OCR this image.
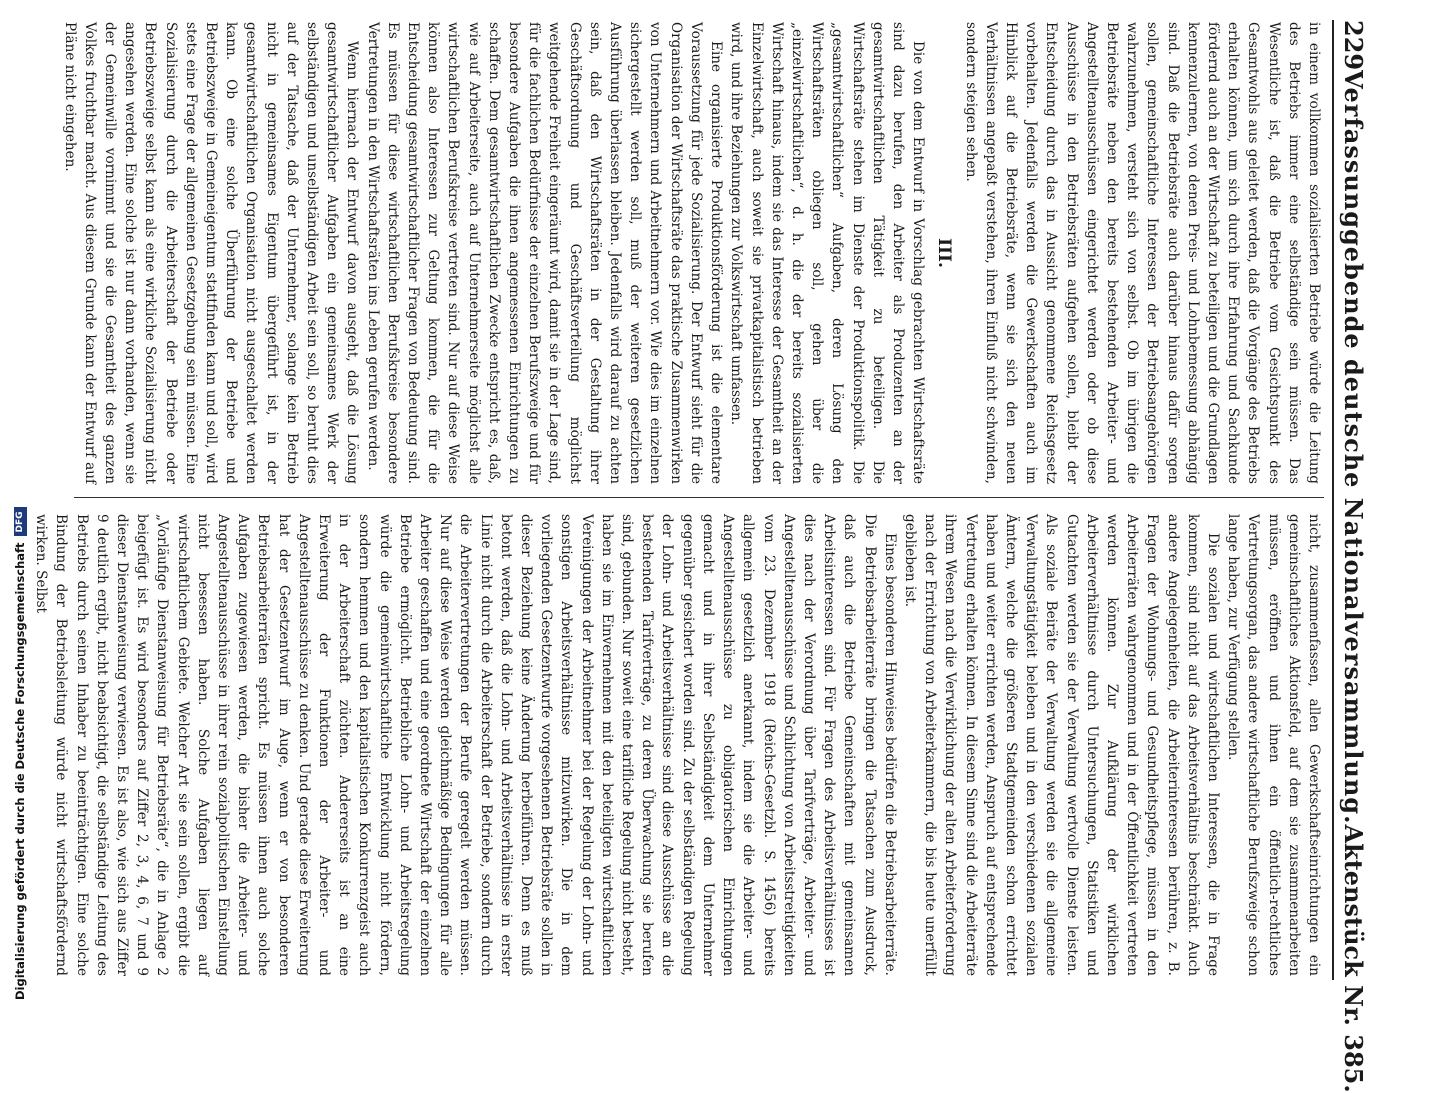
229
Verfassunggebende deutsche Nationalversammlung.
Aktenstück Nr. 385.

in einem vollkommen sozialisierten Betriebe würde die Leitung des Betriebs immer eine selbständige sein müssen. Das Wesentliche ist, daß die Betriebe vom Gesichtspunkt des Gesamtwohls aus geleitet werden, daß die Vorgänge des Betriebs erhalten können, um sich durch ihre Erfahrung und Sachkunde fördernd auch an der Wirtschaft zu beteiligen und die Grundlagen kennenzulernen, von denen Preis- und Lohnbemessung abhängig sind. Daß die Betriebsräte auch darüber hinaus dafür sorgen sollen, gemeinschaftliche Interessen der Betriebsangehörigen wahrzunehmen, versteht sich von selbst. Ob im übrigen die Betriebsräte neben den bereits bestehenden Arbeiter- und Angestelltenausschüssen eingerichtet werden oder ob diese Ausschüsse in den Betriebsräten aufgehen sollen, bleibt der Entscheidung durch das in Aussicht genommene Reichsgesetz vorbehalten. Jedenfalls werden die Gewerkschaften auch im Hinblick auf die Betriebsräte, wenn sie sich den neuen Verhältnissen angepaßt verstehen, ihren Einfluß nicht schwinden, sondern steigen sehen.

III.

Die von dem Entwurf in Vorschlag gebrachten Wirtschaftsräte sind dazu berufen, den Arbeiter als Produzenten an der gesamtwirtschaftlichen Tätigkeit zu beteiligen. Die Wirtschaftsräte stehen im Dienste der Produktionspolitik. Die „gesamtwirtschaftlichen“ Aufgaben, deren Lösung den Wirtschaftsräten obliegen soll, gehen über die „einzelwirtschaftlichen“, d. h. die der bereits sozialisierten Wirtschaft hinaus, indem sie das Interesse der Gesamtheit an der Einzelwirtschaft, auch soweit sie privatkapitalistisch betrieben wird, und ihre Beziehungen zur Volkswirtschaft umfassen.

Eine organisierte Produktionsförderung ist die elementare Voraussetzung für jede Sozialisierung. Der Entwurf sieht für die Organisation der Wirtschaftsräte das praktische Zusammenwirken von Unternehmern und Arbeitnehmern vor. Wie dies im einzelnen sichergestellt werden soll, muß der weiteren gesetzlichen Ausführung überlassen bleiben. Jedenfalls wird darauf zu achten sein, daß den Wirtschaftsräten in der Gestaltung ihrer Geschäftsordnung und Geschäftsverteilung möglichst weitgehende Freiheit eingeräumt wird, damit sie in der Lage sind, für die fachlichen Bedürfnisse der einzelnen Berufszweige und für besondere Aufgaben die ihnen angemessenen Einrichtungen zu schaffen. Dem gesamtwirtschaftlichen Zwecke entspricht es, daß, wie auf Arbeiterseite, auch auf Unternehmerseite möglichst alle wirtschaftlichen Berufskreise vertreten sind. Nur auf diese Weise können also Interessen zur Geltung kommen, die für die Entscheidung gesamtwirtschaftlicher Fragen von Bedeutung sind. Es müssen für diese wirtschaftlichen Berufskreise besondere Vertretungen in den Wirtschaftsräten ins Leben gerufen werden.

Wenn hiernach der Entwurf davon ausgeht, daß die Lösung gesamtwirtschaftlicher Aufgaben ein gemeinsames Werk der selbständigen und unselbständigen Arbeit sein soll, so beruht dies auf der Tatsache, daß der Unternehmer, solange kein Betrieb nicht in gemeinsames Eigentum übergeführt ist, in der gesamtwirtschaftlichen Organisation nicht ausgeschaltet werden kann. Ob eine solche Überführung der Betriebe und Betriebszweige in Gemeineigentum stattfinden kann und soll, wird stets eine Frage der allgemeinen Gesetzgebung sein müssen. Eine Sozialisierung durch die Arbeiterschaft der Betriebe oder Betriebszweige selbst kann als eine wirkliche Sozialisierung nicht angesehen werden. Eine solche ist nur dann vorhanden, wenn sie der Gemeinwille vornimmt und sie die Gesamtheit des ganzen Volkes fruchtbar macht. Aus diesem Grunde kann der Entwurf auf Pläne nicht eingehen.

nicht, zusammenfassen, allen Gewerkschaftseinrichtungen ein gemeinschaftliches Aktionsfeld, auf dem sie zusammenarbeiten müssen, eröffnen und ihnen ein öffentlich-rechtliches Vertretungsorgan, das andere wirtschaftliche Berufszweige schon lange haben, zur Verfügung stellen.

Die sozialen und wirtschaftlichen Interessen, die in Frage kommen, sind nicht auf das Arbeitsverhältnis beschränkt. Auch andere Angelegenheiten, die Arbeiterinteressen berühren, z. B. Fragen der Wohnungs- und Gesundheitspflege, müssen in den Arbeiterräten wahrgenommen und in der Öffentlichkeit vertreten werden können. Zur Aufklärung der wirklichen Arbeiterverhältnisse durch Untersuchungen, Statistiken und Gutachten werden sie der Verwaltung wertvolle Dienste leisten. Als soziale Beiräte der Verwaltung werden sie die allgemeine Verwaltungstätigkeit beleben und in den verschiedenen sozialen Ämtern, welche die größeren Stadtgemeinden schon errichtet haben und weiter errichten werden, Anspruch auf entsprechende Vertretung erhalten können. In diesem Sinne sind die Arbeiterräte ihrem Wesen nach die Verwirklichung der alten Arbeiterforderung nach der Errichtung von Arbeiterkammern, die bis heute unerfüllt geblieben ist.

Eines besonderen Hinweises bedürfen die Betriebsarbeiterräte. Die Betriebsarbeiterräte bringen die Tatsachen zum Ausdruck, daß auch die Betriebe Gemeinschaften mit gemeinsamen Arbeitsinteressen sind. Für Fragen des Arbeitsverhältnisses ist dies nach der Verordnung über Tarifverträge, Arbeiter- und Angestelltenausschüsse und Schlichtung von Arbeitsstreitigkeiten vom 23. Dezember 1918 (Reichs-Gesetzbl. S. 1456) bereits allgemein gesetzlich anerkannt, indem sie die Arbeiter- und Angestelltenausschüsse zu obligatorischen Einrichtungen gemacht und in ihrer Selbständigkeit dem Unternehmer gegenüber gesichert worden sind. Zu der selbständigen Regelung der Lohn- und Arbeitsverhältnisse sind diese Ausschüsse an die bestehenden Tarifverträge, zu deren Überwachung sie berufen sind, gebunden. Nur soweit eine tarifliche Regelung nicht besteht, haben sie im Einvernehmen mit den beteiligten wirtschaftlichen Vereinigungen der Arbeitnehmer bei der Regelung der Lohn- und sonstigen Arbeitsverhältnisse mitzuwirken. Die in dem vorliegenden Gesetzentwurfe vorgesehenen Betriebsräte sollen in dieser Beziehung keine Änderung herbeiführen. Denn es muß betont werden, daß die Lohn- und Arbeitsverhältnisse in erster Linie nicht durch die Arbeiterschaft der Betriebe, sondern durch die Arbeitervertretungen der Berufe geregelt werden müssen. Nur auf diese Weise werden gleichmäßige Bedingungen für alle Arbeiter geschaffen und eine geordnete Wirtschaft der einzelnen Betriebe ermöglicht. Betriebliche Lohn- und Arbeitsregelung würde die gemeinwirtschaftliche Entwicklung nicht fördern, sondern hemmen und den kapitalistischen Konkurrenzgeist auch in der Arbeiterschaft züchten. Andererseits ist an eine Erweiterung der Funktionen der Arbeiter- und Angestelltenausschüsse zu denken. Und gerade diese Erweiterung hat der Gesetzentwurf im Auge, wenn er von besonderen Betriebsarbeiterräten spricht. Es müssen ihnen auch solche Aufgaben zugewiesen werden, die bisher die Arbeiter- und Angestelltenausschüsse in ihrer rein sozialpolitischen Einstellung nicht besessen haben. Solche Aufgaben liegen auf wirtschaftlichem Gebiete. Welcher Art sie sein sollen, ergibt die „Vorläufige Dienstanweisung für Betriebsräte“, die in Anlage 2 beigefügt ist. Es wird besonders auf Ziffer 2, 3, 4, 6, 7 und 9 dieser Dienstanweisung verwiesen. Es ist also, wie sich aus Ziffer 9 deutlich ergibt, nicht beabsichtigt, die selbständige Leitung des Betriebs durch seinen Inhaber zu beeinträchtigen. Eine solche Bindung der Betriebsleitung würde nicht wirtschaftsfördernd wirken. Selbst

Digitalisierung gefördert durch die Deutsche Forschungsgemeinschaft
DFG
